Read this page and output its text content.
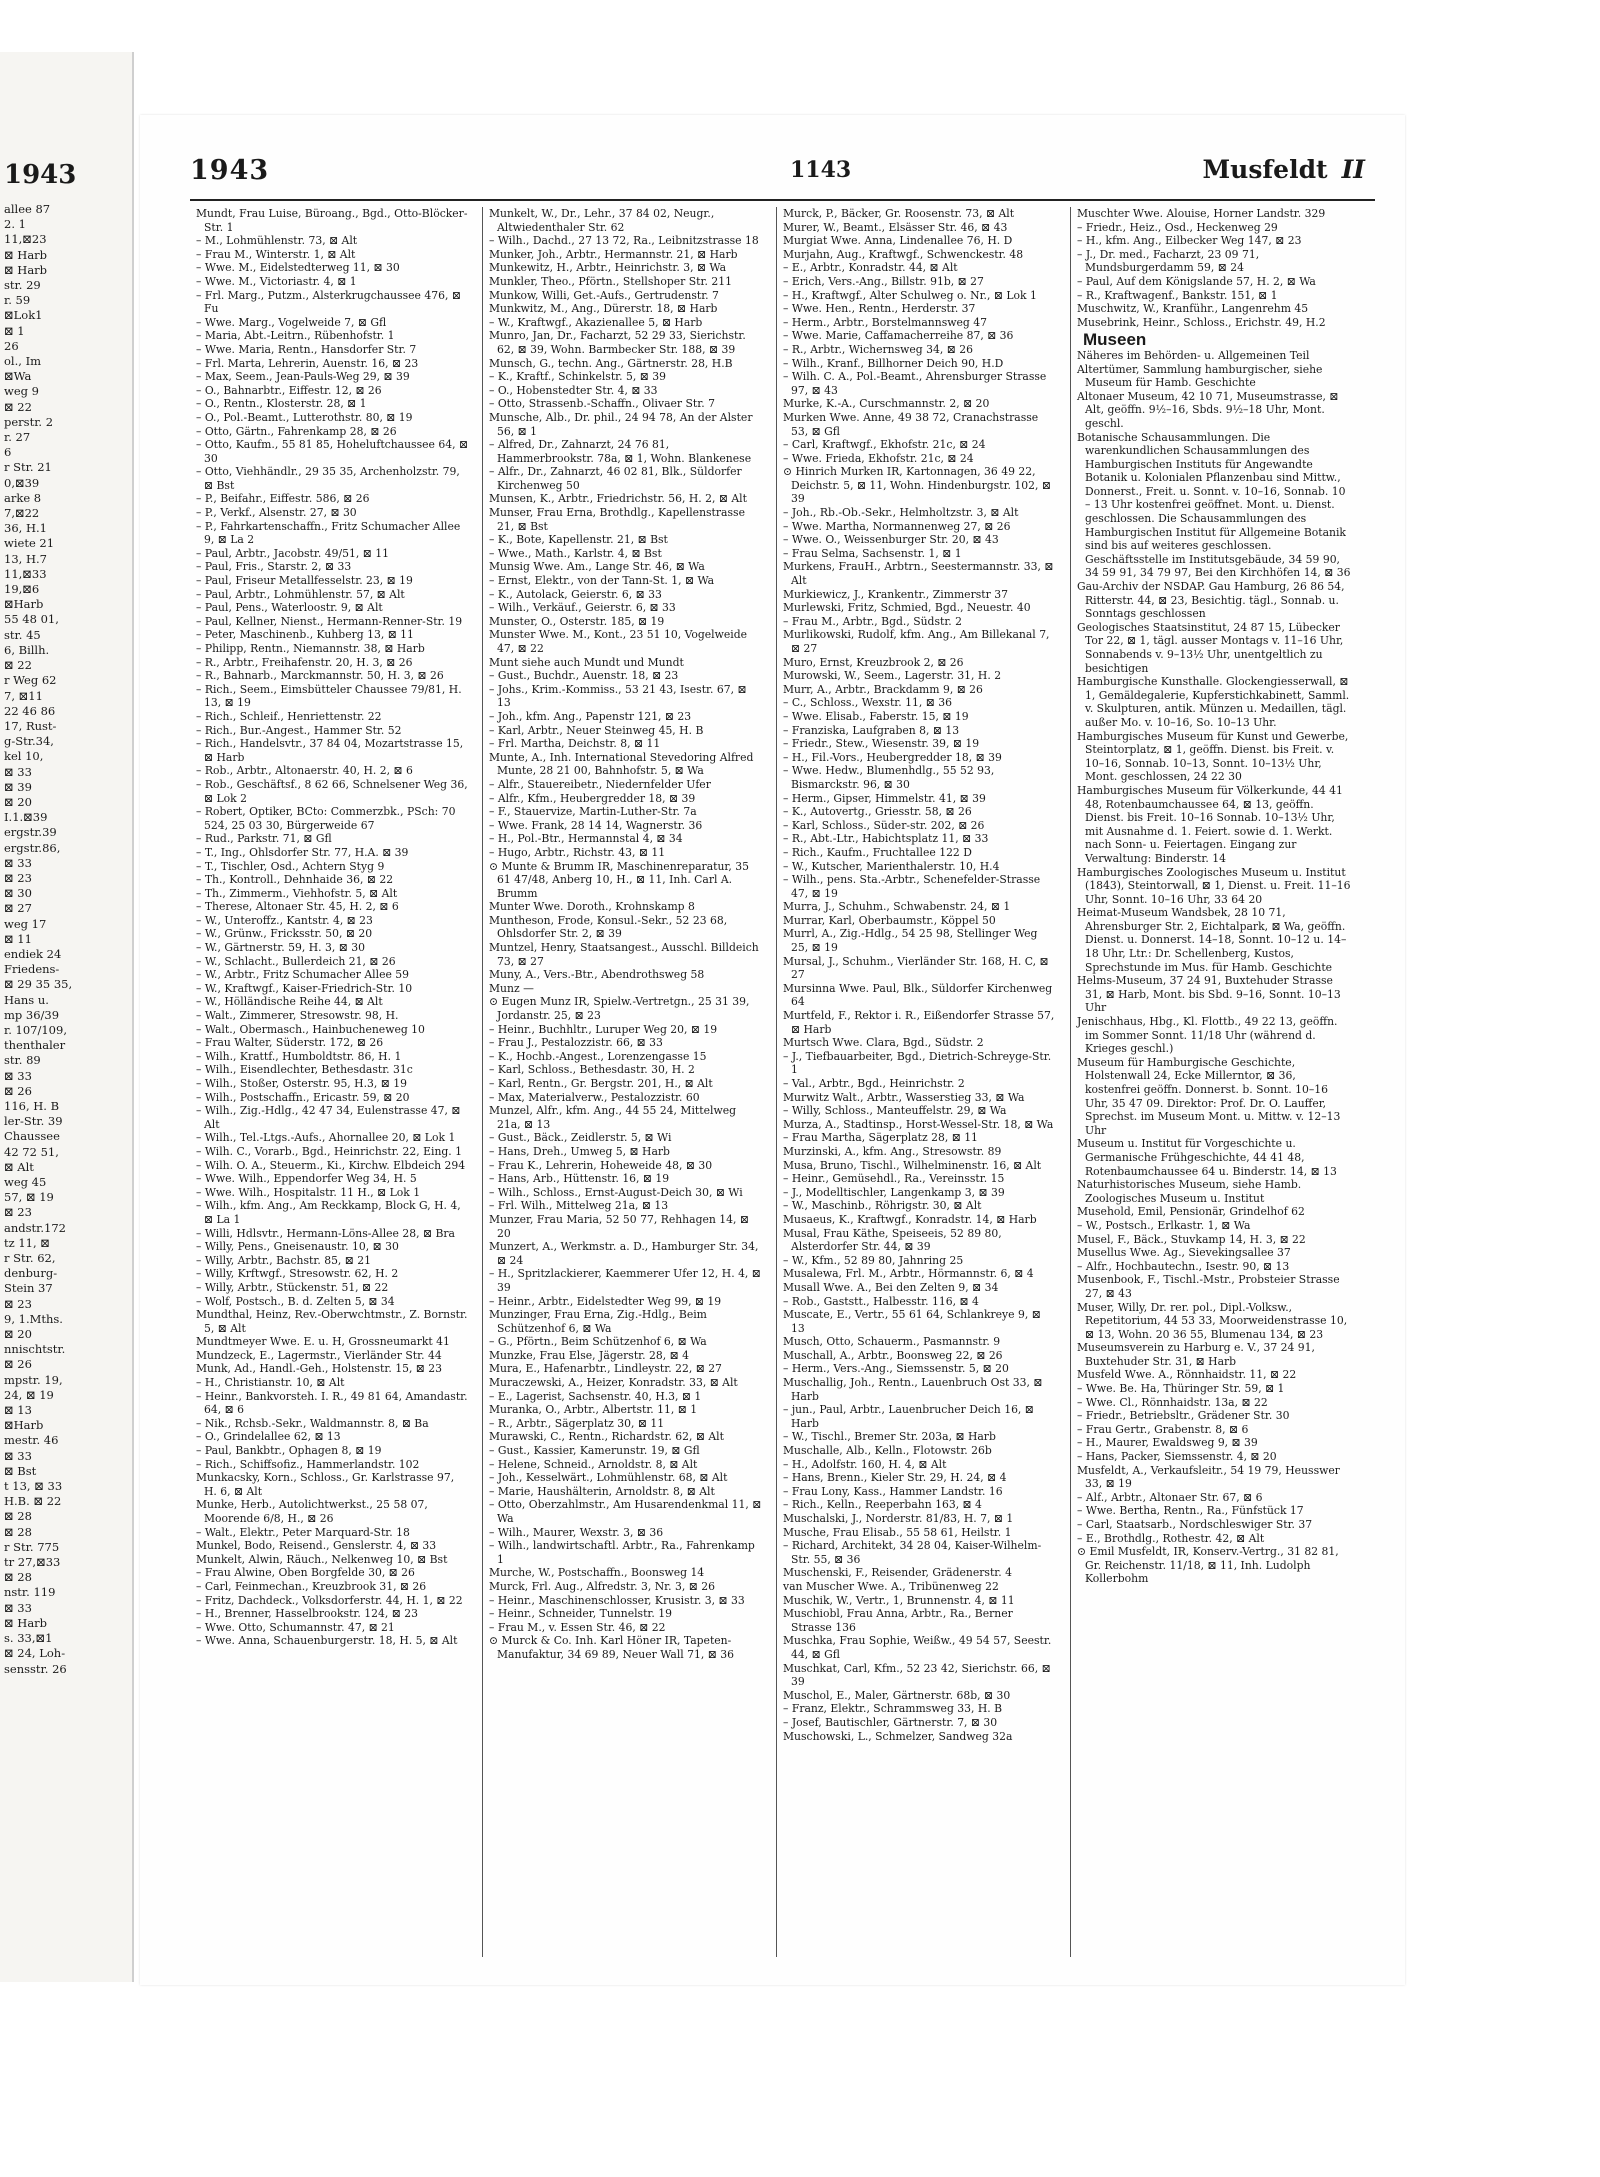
1943
allee 87
2. 1
11,⊠23
⊠ Harb
⊠ Harb
str. 29
r. 59
⊠Lok1
⊠ 1
26
ol., Im
⊠Wa
weg 9
⊠ 22
perstr. 2
r. 27
6
r Str. 21
0,⊠39
arke 8
7,⊠22
36, H.1
wiete 21
13, H.7
11,⊠33
19,⊠6
⊠Harb
55 48 01,
str. 45
6, Billh.
⊠ 22
r Weg 62
7, ⊠11
22 46 86
17, Rust-
g-Str.34,
kel 10,
⊠ 33
⊠ 39
⊠ 20
I.1.⊠39
ergstr.39
ergstr.86,
⊠ 33
⊠ 23
⊠ 30
⊠ 27
weg 17
⊠ 11
endiek 24
Friedens-
⊠ 29 35 35,
Hans u.
mp 36/39
r. 107/109,
thenthaler
str. 89
⊠ 33
⊠ 26
116, H. B
ler-Str. 39
Chaussee
42 72 51,
⊠ Alt
weg 45
57, ⊠ 19
⊠ 23
andstr.172
tz 11, ⊠
r Str. 62,
denburg-
Stein 37
⊠ 23
9, 1.Mths.
⊠ 20
nnischtstr.
⊠ 26
mpstr. 19,
24, ⊠ 19
⊠ 13
⊠Harb
mestr. 46
⊠ 33
⊠ Bst
t 13, ⊠ 33
H.B. ⊠ 22
⊠ 28
⊠ 28
r Str. 775
tr 27,⊠33
⊠ 28
nstr. 119
⊠ 33
⊠ Harb
s. 33,⊠1
⊠ 24, Loh-
sensstr. 26
1943	1143	Musfeldt II

Mundt, Frau Luise, Büroang., Bgd., Otto-Blöcker-Str. 1

– M., Lohmühlenstr. 73, ⊠ Alt

– Frau M., Winterstr. 1, ⊠ Alt

– Wwe. M., Eidelstedterweg 11, ⊠ 30

– Wwe. M., Victoriastr. 4, ⊠ 1

– Frl. Marg., Putzm., Alsterkrugchaussee 476, ⊠ Fu

– Wwe. Marg., Vogelweide 7, ⊠ Gfl

– Maria, Abt.-Leitrn., Rübenhofstr. 1

– Wwe. Maria, Rentn., Hansdorfer Str. 7

– Frl. Marta, Lehrerin, Auenstr. 16, ⊠ 23

– Max, Seem., Jean-Pauls-Weg 29, ⊠ 39

– O., Bahnarbtr., Eiffestr. 12, ⊠ 26

– O., Rentn., Klosterstr. 28, ⊠ 1

– O., Pol.-Beamt., Lutterothstr. 80, ⊠ 19

– Otto, Gärtn., Fahrenkamp 28, ⊠ 26

– Otto, Kaufm., 55 81 85, Hoheluftchaussee 64, ⊠ 30

– Otto, Viehhändlr., 29 35 35, Archenholzstr. 79, ⊠ Bst

– P., Beifahr., Eiffestr. 586, ⊠ 26

– P., Verkf., Alsenstr. 27, ⊠ 30

– P., Fahrkartenschaffn., Fritz Schumacher Allee 9, ⊠ La 2

– Paul, Arbtr., Jacobstr. 49/51, ⊠ 11

– Paul, Fris., Starstr. 2, ⊠ 33

– Paul, Friseur Metallfesselstr. 23, ⊠ 19

– Paul, Arbtr., Lohmühlenstr. 57, ⊠ Alt

– Paul, Pens., Waterloostr. 9, ⊠ Alt

– Paul, Kellner, Nienst., Hermann-Renner-Str. 19

– Peter, Maschinenb., Kuhberg 13, ⊠ 11

– Philipp, Rentn., Niemannstr. 38, ⊠ Harb

– R., Arbtr., Freihafenstr. 20, H. 3, ⊠ 26

– R., Bahnarb., Marckmannstr. 50, H. 3, ⊠ 26

– Rich., Seem., Eimsbütteler Chaussee 79/81, H. 13, ⊠ 19

– Rich., Schleif., Henriettenstr. 22

– Rich., Bur.-Angest., Hammer Str. 52

– Rich., Handelsvtr., 37 84 04, Mozartstrasse 15, ⊠ Harb

– Rob., Arbtr., Altonaerstr. 40, H. 2, ⊠ 6

– Rob., Geschäftsf., 8 62 66, Schnelsener Weg 36, ⊠ Lok 2

– Robert, Optiker, BCto: Commerzbk., PSch: 70 524, 25 03 30, Bürgerweide 67

– Rud., Parkstr. 71, ⊠ Gfl

– T., Ing., Ohlsdorfer Str. 77, H.A. ⊠ 39

– T., Tischler, Osd., Achtern Styg 9

– Th., Kontroll., Dehnhaide 36, ⊠ 22

– Th., Zimmerm., Viehhofstr. 5, ⊠ Alt

– Therese, Altonaer Str. 45, H. 2, ⊠ 6

– W., Unteroffz., Kantstr. 4, ⊠ 23

– W., Grünw., Fricksstr. 50, ⊠ 20

– W., Gärtnerstr. 59, H. 3, ⊠ 30

– W., Schlacht., Bullerdeich 21, ⊠ 26

– W., Arbtr., Fritz Schumacher Allee 59

– W., Kraftwgf., Kaiser-Friedrich-Str. 10

– W., Hölländische Reihe 44, ⊠ Alt

– Walt., Zimmerer, Stresowstr. 98, H.

– Walt., Obermasch., Hainbucheneweg 10

– Frau Walter, Süderstr. 172, ⊠ 26

– Wilh., Krattf., Humboldtstr. 86, H. 1

– Wilh., Eisendlechter, Bethesdastr. 31c

– Wilh., Stoßer, Osterstr. 95, H.3, ⊠ 19

– Wilh., Postschaffn., Ericastr. 59, ⊠ 20

– Wilh., Zig.-Hdlg., 42 47 34, Eulenstrasse 47, ⊠ Alt

– Wilh., Tel.-Ltgs.-Aufs., Ahornallee 20, ⊠ Lok 1

– Wilh. C., Vorarb., Bgd., Heinrichstr. 22, Eing. 1

– Wilh. O. A., Steuerm., Ki., Kirchw. Elbdeich 294

– Wwe. Wilh., Eppendorfer Weg 34, H. 5

– Wwe. Wilh., Hospitalstr. 11 H., ⊠ Lok 1

– Wilh., kfm. Ang., Am Reckkamp, Block G, H. 4, ⊠ La 1

– Willi, Hdlsvtr., Hermann-Löns-Allee 28, ⊠ Bra

– Willy, Pens., Gneisenaustr. 10, ⊠ 30

– Willy, Arbtr., Bachstr. 85, ⊠ 21

– Willy, Krftwgf., Stresowstr. 62, H. 2

– Willy, Arbtr., Stückenstr. 51, ⊠ 22

– Wolf, Postsch., B. d. Zelten 5, ⊠ 34

Mundthal, Heinz, Rev.-Oberwchtmstr., Z. Bornstr. 5, ⊠ Alt

Mundtmeyer Wwe. E. u. H, Grossneumarkt 41

Mundzeck, E., Lagermstr., Vierländer Str. 44

Munk, Ad., Handl.-Geh., Holstenstr. 15, ⊠ 23

– H., Christianstr. 10, ⊠ Alt

– Heinr., Bankvorsteh. I. R., 49 81 64, Amandastr. 64, ⊠ 6

– Nik., Rchsb.-Sekr., Waldmannstr. 8, ⊠ Ba

– O., Grindelallee 62, ⊠ 13

– Paul, Bankbtr., Ophagen 8, ⊠ 19

– Rich., Schiffsofiz., Hammerlandstr. 102

Munkacsky, Korn., Schloss., Gr. Karlstrasse 97, H. 6, ⊠ Alt

Munke, Herb., Autolichtwerkst., 25 58 07, Moorende 6/8, H., ⊠ 26

– Walt., Elektr., Peter Marquard-Str. 18

Munkel, Bodo, Reisend., Genslerstr. 4, ⊠ 33

Munkelt, Alwin, Räuch., Nelkenweg 10, ⊠ Bst

– Frau Alwine, Oben Borgfelde 30, ⊠ 26

– Carl, Feinmechan., Kreuzbrook 31, ⊠ 26

– Fritz, Dachdeck., Volksdorferstr. 44, H. 1, ⊠ 22

– H., Brenner, Hasselbrookstr. 124, ⊠ 23

– Wwe. Otto, Schumannstr. 47, ⊠ 21

– Wwe. Anna, Schauenburgerstr. 18, H. 5, ⊠ Alt

Munkelt, W., Dr., Lehr., 37 84 02, Neugr., Altwiedenthaler Str. 62

– Wilh., Dachd., 27 13 72, Ra., Leibnitzstrasse 18

Munker, Joh., Arbtr., Hermannstr. 21, ⊠ Harb

Munkewitz, H., Arbtr., Heinrichstr. 3, ⊠ Wa

Munkler, Theo., Pförtn., Stellshoper Str. 211

Munkow, Willi, Get.-Aufs., Gertrudenstr. 7

Munkwitz, M., Ang., Dürerstr. 18, ⊠ Harb

– W., Kraftwgf., Akazienallee 5, ⊠ Harb

Munro, Jan, Dr., Facharzt, 52 29 33, Sierichstr. 62, ⊠ 39, Wohn. Barmbecker Str. 188, ⊠ 39

Munsch, G., techn. Ang., Gärtnerstr. 28, H.B

– K., Kraftf., Schinkelstr. 5, ⊠ 39

– O., Hobenstedter Str. 4, ⊠ 33

– Otto, Strassenb.-Schaffn., Olivaer Str. 7

Munsche, Alb., Dr. phil., 24 94 78, An der Alster 56, ⊠ 1

– Alfred, Dr., Zahnarzt, 24 76 81, Hammerbrookstr. 78a, ⊠ 1, Wohn. Blankenese

– Alfr., Dr., Zahnarzt, 46 02 81, Blk., Süldorfer Kirchenweg 50

Munsen, K., Arbtr., Friedrichstr. 56, H. 2, ⊠ Alt

Munser, Frau Erna, Brothdlg., Kapellenstrasse 21, ⊠ Bst

– K., Bote, Kapellenstr. 21, ⊠ Bst

– Wwe., Math., Karlstr. 4, ⊠ Bst

Munsig Wwe. Am., Lange Str. 46, ⊠ Wa

– Ernst, Elektr., von der Tann-St. 1, ⊠ Wa

– K., Autolack, Geierstr. 6, ⊠ 33

– Wilh., Verkäuf., Geierstr. 6, ⊠ 33

Munster, O., Osterstr. 185, ⊠ 19

Munster Wwe. M., Kont., 23 51 10, Vogelweide 47, ⊠ 22

Munt siehe auch Mundt und Mundt

– Gust., Buchdr., Auenstr. 18, ⊠ 23

– Johs., Krim.-Kommiss., 53 21 43, Isestr. 67, ⊠ 13

– Joh., kfm. Ang., Papenstr 121, ⊠ 23

– Karl, Arbtr., Neuer Steinweg 45, H. B

– Frl. Martha, Deichstr. 8, ⊠ 11

Munte, A., Inh. International Stevedoring Alfred Munte, 28 21 00, Bahnhofstr. 5, ⊠ Wa

– Alfr., Stauereibetr., Niedernfelder Ufer

– Alfr., Kfm., Heubergredder 18, ⊠ 39

– F., Stauervize, Martin-Luther-Str. 7a

– Wwe. Frank, 28 14 14, Wagnerstr. 36

– H., Pol.-Btr., Hermannstal 4, ⊠ 34

– Hugo, Arbtr., Richstr. 43, ⊠ 11

⊙ Munte & Brumm IR, Maschinenreparatur, 35 61 47/48, Anberg 10, H., ⊠ 11, Inh. Carl A. Brumm

Munter Wwe. Doroth., Krohnskamp 8

Muntheson, Frode, Konsul.-Sekr., 52 23 68, Ohlsdorfer Str. 2, ⊠ 39

Muntzel, Henry, Staatsangest., Ausschl. Billdeich 73, ⊠ 27

Muny, A., Vers.-Btr., Abendrothsweg 58

Munz —

⊙ Eugen Munz IR, Spielw.-Vertretgn., 25 31 39, Jordanstr. 25, ⊠ 23

– Heinr., Buchhltr., Luruper Weg 20, ⊠ 19

– Frau J., Pestalozzistr. 66, ⊠ 33

– K., Hochb.-Angest., Lorenzengasse 15

– Karl, Schloss., Bethesdastr. 30, H. 2

– Karl, Rentn., Gr. Bergstr. 201, H., ⊠ Alt

– Max, Materialverw., Pestalozzistr. 60

Munzel, Alfr., kfm. Ang., 44 55 24, Mittelweg 21a, ⊠ 13

– Gust., Bäck., Zeidlerstr. 5, ⊠ Wi

– Hans, Dreh., Umweg 5, ⊠ Harb

– Frau K., Lehrerin, Hoheweide 48, ⊠ 30

– Hans, Arb., Hüttenstr. 16, ⊠ 19

– Wilh., Schloss., Ernst-August-Deich 30, ⊠ Wi

– Frl. Wilh., Mittelweg 21a, ⊠ 13

Munzer, Frau Maria, 52 50 77, Rehhagen 14, ⊠ 20

Munzert, A., Werkmstr. a. D., Hamburger Str. 34, ⊠ 24

– H., Spritzlackierer, Kaemmerer Ufer 12, H. 4, ⊠ 39

– Heinr., Arbtr., Eidelstedter Weg 99, ⊠ 19

Munzinger, Frau Erna, Zig.-Hdlg., Beim Schützenhof 6, ⊠ Wa

– G., Pförtn., Beim Schützenhof 6, ⊠ Wa

Munzke, Frau Else, Jägerstr. 28, ⊠ 4

Mura, E., Hafenarbtr., Lindleystr. 22, ⊠ 27

Muraczewski, A., Heizer, Konradstr. 33, ⊠ Alt

– E., Lagerist, Sachsenstr. 40, H.3, ⊠ 1

Muranka, O., Arbtr., Albertstr. 11, ⊠ 1

– R., Arbtr., Sägerplatz 30, ⊠ 11

Murawski, C., Rentn., Richardstr. 62, ⊠ Alt

– Gust., Kassier, Kamerunstr. 19, ⊠ Gfl

– Helene, Schneid., Arnoldstr. 8, ⊠ Alt

– Joh., Kesselwärt., Lohmühlenstr. 68, ⊠ Alt

– Marie, Haushälterin, Arnoldstr. 8, ⊠ Alt

– Otto, Oberzahlmstr., Am Husarendenkmal 11, ⊠ Wa

– Wilh., Maurer, Wexstr. 3, ⊠ 36

– Wilh., landwirtschaftl. Arbtr., Ra., Fahrenkamp 1

Murche, W., Postschaffn., Boonsweg 14

Murck, Frl. Aug., Alfredstr. 3, Nr. 3, ⊠ 26

– Heinr., Maschinenschlosser, Krusistr. 3, ⊠ 33

– Heinr., Schneider, Tunnelstr. 19

– Frau M., v. Essen Str. 46, ⊠ 22

⊙ Murck & Co. Inh. Karl Höner IR, Tapeten-Manufaktur, 34 69 89, Neuer Wall 71, ⊠ 36

Murck, P., Bäcker, Gr. Roosenstr. 73, ⊠ Alt

Murer, W., Beamt., Elsässer Str. 46, ⊠ 43

Murgiat Wwe. Anna, Lindenallee 76, H. D

Murjahn, Aug., Kraftwgf., Schwenckestr. 48

– E., Arbtr., Konradstr. 44, ⊠ Alt

– Erich, Vers.-Ang., Billstr. 91b, ⊠ 27

– H., Kraftwgf., Alter Schulweg o. Nr., ⊠ Lok 1

– Wwe. Hen., Rentn., Herderstr. 37

– Herm., Arbtr., Borstelmannsweg 47

– Wwe. Marie, Caffamacherreihe 87, ⊠ 36

– R., Arbtr., Wichernsweg 34, ⊠ 26

– Wilh., Kranf., Billhorner Deich 90, H.D

– Wilh. C. A., Pol.-Beamt., Ahrensburger Strasse 97, ⊠ 43

Murke, K.-A., Curschmannstr. 2, ⊠ 20

Murken Wwe. Anne, 49 38 72, Cranachstrasse 53, ⊠ Gfl

– Carl, Kraftwgf., Ekhofstr. 21c, ⊠ 24

– Wwe. Frieda, Ekhofstr. 21c, ⊠ 24

⊙ Hinrich Murken IR, Kartonnagen, 36 49 22, Deichstr. 5, ⊠ 11, Wohn. Hindenburgstr. 102, ⊠ 39

– Joh., Rb.-Ob.-Sekr., Helmholtzstr. 3, ⊠ Alt

– Wwe. Martha, Normannenweg 27, ⊠ 26

– Wwe. O., Weissenburger Str. 20, ⊠ 43

– Frau Selma, Sachsenstr. 1, ⊠ 1

Murkens, FrauH., Arbtrn., Seestermannstr. 33, ⊠ Alt

Murkiewicz, J., Krankentr., Zimmerstr 37

Murlewski, Fritz, Schmied, Bgd., Neuestr. 40

– Frau M., Arbtr., Bgd., Südstr. 2

Murlikowski, Rudolf, kfm. Ang., Am Billekanal 7, ⊠ 27

Muro, Ernst, Kreuzbrook 2, ⊠ 26

Murowski, W., Seem., Lagerstr. 31, H. 2

Murr, A., Arbtr., Brackdamm 9, ⊠ 26

– C., Schloss., Wexstr. 11, ⊠ 36

– Wwe. Elisab., Faberstr. 15, ⊠ 19

– Franziska, Laufgraben 8, ⊠ 13

– Friedr., Stew., Wiesenstr. 39, ⊠ 19

– H., Fil.-Vors., Heubergredder 18, ⊠ 39

– Wwe. Hedw., Blumenhdlg., 55 52 93, Bismarckstr. 96, ⊠ 30

– Herm., Gipser, Himmelstr. 41, ⊠ 39

– K., Autovertg., Griesstr. 58, ⊠ 26

– Karl, Schloss., Süder-str. 202, ⊠ 26

– R., Abt.-Ltr., Habichtsplatz 11, ⊠ 33

– Rich., Kaufm., Fruchtallee 122 D

– W., Kutscher, Marienthalerstr. 10, H.4

– Wilh., pens. Sta.-Arbtr., Schenefelder-Strasse 47, ⊠ 19

Murra, J., Schuhm., Schwabenstr. 24, ⊠ 1

Murrar, Karl, Oberbaumstr., Köppel 50

Murrl, A., Zig.-Hdlg., 54 25 98, Stellinger Weg 25, ⊠ 19

Mursal, J., Schuhm., Vierländer Str. 168, H. C, ⊠ 27

Mursinna Wwe. Paul, Blk., Süldorfer Kirchenweg 64

Murtfeld, F., Rektor i. R., Eißendorfer Strasse 57, ⊠ Harb

Murtsch Wwe. Clara, Bgd., Südstr. 2

– J., Tiefbauarbeiter, Bgd., Dietrich-Schreyge-Str. 1

– Val., Arbtr., Bgd., Heinrichstr. 2

Murwitz Walt., Arbtr., Wasserstieg 33, ⊠ Wa

– Willy, Schloss., Manteuffelstr. 29, ⊠ Wa

Murza, A., Stadtinsp., Horst-Wessel-Str. 18, ⊠ Wa

– Frau Martha, Sägerplatz 28, ⊠ 11

Murzinski, A., kfm. Ang., Stresowstr. 89

Musa, Bruno, Tischl., Wilhelminenstr. 16, ⊠ Alt

– Heinr., Gemüsehdl., Ra., Vereinsstr. 15

– J., Modelltischler, Langenkamp 3, ⊠ 39

– W., Maschinb., Röhrigstr. 30, ⊠ Alt

Musaeus, K., Kraftwgf., Konradstr. 14, ⊠ Harb

Musal, Frau Käthe, Speiseeis, 52 89 80, Alsterdorfer Str. 44, ⊠ 39

– W., Kfm., 52 89 80, Jahnring 25

Musalewa, Frl. M., Arbtr., Hörmannstr. 6, ⊠ 4

Musall Wwe. A., Bei den Zelten 9, ⊠ 34

– Rob., Gaststt., Halbesstr. 116, ⊠ 4

Muscate, E., Vertr., 55 61 64, Schlankreye 9, ⊠ 13

Musch, Otto, Schauerm., Pasmannstr. 9

Muschall, A., Arbtr., Boonsweg 22, ⊠ 26

– Herm., Vers.-Ang., Siemssenstr. 5, ⊠ 20

Muschallig, Joh., Rentn., Lauenbruch Ost 33, ⊠ Harb

– jun., Paul, Arbtr., Lauenbrucher Deich 16, ⊠ Harb

– W., Tischl., Bremer Str. 203a, ⊠ Harb

Muschalle, Alb., Kelln., Flotowstr. 26b

– H., Adolfstr. 160, H. 4, ⊠ Alt

– Hans, Brenn., Kieler Str. 29, H. 24, ⊠ 4

– Frau Lony, Kass., Hammer Landstr. 16

– Rich., Kelln., Reeperbahn 163, ⊠ 4

Muschalski, J., Norderstr. 81/83, H. 7, ⊠ 1

Musche, Frau Elisab., 55 58 61, Heilstr. 1

– Richard, Architekt, 34 28 04, Kaiser-Wilhelm-Str. 55, ⊠ 36

Muschenski, F., Reisender, Grädenerstr. 4

van Muscher Wwe. A., Tribünenweg 22

Muschik, W., Vertr., 1, Brunnenstr. 4, ⊠ 11

Muschiobl, Frau Anna, Arbtr., Ra., Berner Strasse 136

Muschka, Frau Sophie, Weißw., 49 54 57, Seestr. 44, ⊠ Gfl

Muschkat, Carl, Kfm., 52 23 42, Sierichstr. 66, ⊠ 39

Muschol, E., Maler, Gärtnerstr. 68b, ⊠ 30

– Franz, Elektr., Schrammsweg 33, H. B

– Josef, Bautischler, Gärtnerstr. 7, ⊠ 30

Muschowski, L., Schmelzer, Sandweg 32a

Muschter Wwe. Alouise, Horner Landstr. 329

– Friedr., Heiz., Osd., Heckenweg 29

– H., kfm. Ang., Eilbecker Weg 147, ⊠ 23

– J., Dr. med., Facharzt, 23 09 71, Mundsburgerdamm 59, ⊠ 24

– Paul, Auf dem Königslande 57, H. 2, ⊠ Wa

– R., Kraftwagenf., Bankstr. 151, ⊠ 1

Muschwitz, W., Kranführ., Langenrehm 45

Musebrink, Heinr., Schloss., Erichstr. 49, H.2

Museen

Näheres im Behörden- u. Allgemeinen Teil

Altertümer, Sammlung hamburgischer, siehe Museum für Hamb. Geschichte

Altonaer Museum, 42 10 71, Museumstrasse, ⊠ Alt, geöffn. 9½–16, Sbds. 9½–18 Uhr, Mont. geschl.

Botanische Schausammlungen. Die warenkundlichen Schausammlungen des Hamburgischen Instituts für Angewandte Botanik u. Kolonialen Pflanzenbau sind Mittw., Donnerst., Freit. u. Sonnt. v. 10–16, Sonnab. 10 – 13 Uhr kostenfrei geöffnet. Mont. u. Dienst. geschlossen. Die Schausammlungen des Hamburgischen Institut für Allgemeine Botanik sind bis auf weiteres geschlossen. Geschäftsstelle im Institutsgebäude, 34 59 90, 34 59 91, 34 79 97, Bei den Kirchhöfen 14, ⊠ 36

Gau-Archiv der NSDAP. Gau Hamburg, 26 86 54, Ritterstr. 44, ⊠ 23, Besichtig. tägl., Sonnab. u. Sonntags geschlossen

Geologisches Staatsinstitut, 24 87 15, Lübecker Tor 22, ⊠ 1, tägl. ausser Montags v. 11–16 Uhr, Sonnabends v. 9–13½ Uhr, unentgeltlich zu besichtigen

Hamburgische Kunsthalle. Glockengiesserwall, ⊠ 1, Gemäldegalerie, Kupferstichkabinett, Samml. v. Skulpturen, antik. Münzen u. Medaillen, tägl. außer Mo. v. 10–16, So. 10–13 Uhr.

Hamburgisches Museum für Kunst und Gewerbe, Steintorplatz, ⊠ 1, geöffn. Dienst. bis Freit. v. 10–16, Sonnab. 10–13, Sonnt. 10–13½ Uhr, Mont. geschlossen, 24 22 30

Hamburgisches Museum für Völkerkunde, 44 41 48, Rotenbaumchaussee 64, ⊠ 13, geöffn. Dienst. bis Freit. 10–16 Sonnab. 10–13½ Uhr, mit Ausnahme d. 1. Feiert. sowie d. 1. Werkt. nach Sonn- u. Feiertagen. Eingang zur Verwaltung: Binderstr. 14

Hamburgisches Zoologisches Museum u. Institut (1843), Steintorwall, ⊠ 1, Dienst. u. Freit. 11–16 Uhr, Sonnt. 10–16 Uhr, 33 64 20

Heimat-Museum Wandsbek, 28 10 71, Ahrensburger Str. 2, Eichtalpark, ⊠ Wa, geöffn. Dienst. u. Donnerst. 14–18, Sonnt. 10–12 u. 14–18 Uhr, Ltr.: Dr. Schellenberg, Kustos, Sprechstunde im Mus. für Hamb. Geschichte

Helms-Museum, 37 24 91, Buxtehuder Strasse 31, ⊠ Harb, Mont. bis Sbd. 9–16, Sonnt. 10–13 Uhr

Jenischhaus, Hbg., Kl. Flottb., 49 22 13, geöffn. im Sommer Sonnt. 11/18 Uhr (während d. Krieges geschl.)

Museum für Hamburgische Geschichte, Holstenwall 24, Ecke Millerntor, ⊠ 36, kostenfrei geöffn. Donnerst. b. Sonnt. 10–16 Uhr, 35 47 09. Direktor: Prof. Dr. O. Lauffer, Sprechst. im Museum Mont. u. Mittw. v. 12–13 Uhr

Museum u. Institut für Vorgeschichte u. Germanische Frühgeschichte, 44 41 48, Rotenbaumchaussee 64 u. Binderstr. 14, ⊠ 13

Naturhistorisches Museum, siehe Hamb. Zoologisches Museum u. Institut

Musehold, Emil, Pensionär, Grindelhof 62

– W., Postsch., Erlkastr. 1, ⊠ Wa

Musel, F., Bäck., Stuvkamp 14, H. 3, ⊠ 22

Musellus Wwe. Ag., Sievekingsallee 37

– Alfr., Hochbautechn., Isestr. 90, ⊠ 13

Musenbook, F., Tischl.-Mstr., Probsteier Strasse 27, ⊠ 43

Muser, Willy, Dr. rer. pol., Dipl.-Volksw., Repetitorium, 44 53 33, Moorweidenstrasse 10, ⊠ 13, Wohn. 20 36 55, Blumenau 134, ⊠ 23

Museumsverein zu Harburg e. V., 37 24 91, Buxtehuder Str. 31, ⊠ Harb

Musfeld Wwe. A., Rönnhaidstr. 11, ⊠ 22

– Wwe. Be. Ha, Thüringer Str. 59, ⊠ 1

– Wwe. Cl., Rönnhaidstr. 13a, ⊠ 22

– Friedr., Betriebsltr., Grädener Str. 30

– Frau Gertr., Grabenstr. 8, ⊠ 6

– H., Maurer, Ewaldsweg 9, ⊠ 39

– Hans, Packer, Siemssenstr. 4, ⊠ 20

Musfeldt, A., Verkaufsleitr., 54 19 79, Heusswег 33, ⊠ 19

– Alf., Arbtr., Altonaer Str. 67, ⊠ 6

– Wwe. Bertha, Rentn., Ra., Fünfstück 17

– Carl, Staatsarb., Nordschleswiger Str. 37

– E., Brothdlg., Rothestr. 42, ⊠ Alt

⊙ Emil Musfeldt, IR, Konserv.-Vertrg., 31 82 81, Gr. Reichenstr. 11/18, ⊠ 11, Inh. Ludolph Kollerbohm
